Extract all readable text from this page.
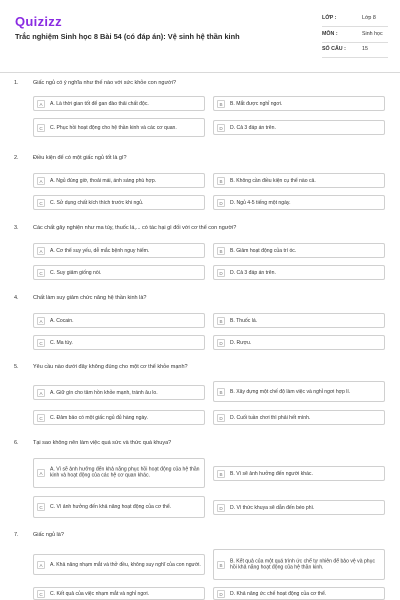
Quizizz
Trắc nghiệm Sinh học 8 Bài 54 (có đáp án): Vệ sinh hệ thần kinh
LỚP :	Lớp 8
MÔN :	Sinh học
SỐ CÂU :	15
1.	Giấc ngủ có ý nghĩa như thế nào với sức khỏe con người?
A	A. Là thời gian tốt để gan đào thải chất độc.	B	B. Mắt được nghỉ ngơi.
C	C. Phục hồi hoạt động cho hệ thần kinh và các cơ quan.	D	D. Cả 3 đáp án trên.
2.	Điều kiện để có một giấc ngủ tốt là gì?
A	A. Ngủ đúng giờ, thoải mái, ánh sáng phù hợp.	B	B. Không cần điều kiện cụ thể nào cả.
C	C. Sử dụng chất kích thích trước khi ngủ.	D	D. Ngủ 4-5 tiếng một ngày.
3.	Các chất gây nghiện như ma túy, thuốc lá,... có tác hại gì đối với cơ thể con người?
A	A. Cơ thể suy yếu, dễ mắc bệnh nguy hiểm.	B	B. Giảm hoạt động của trí óc.
C	C. Suy giảm giống nòi.	D	D. Cả 3 đáp án trên.
4.	Chất làm suy giảm chức năng hệ thần kinh là?
A	A. Cocain.	B	B. Thuốc lá.
C	C. Ma túy.	D	D. Rượu.
5.	Yêu cầu nào dưới đây không đúng cho một cơ thể khỏe mạnh?
A	A. Giữ gìn cho tâm hồn khỏe mạnh, tránh âu lo.	B	B. Xây dựng một chế độ làm việc và nghỉ ngơi hợp lí.
C	C. Đảm bảo có một giấc ngủ đủ hàng ngày.	D	D. Cuối tuần chơi thì phải hết mình.
6.	Tại sao không nên làm việc quá sức và thức quá khuya?
A
A. Vì sẽ ảnh hưởng đến khả năng phục hồi hoạt động của hệ thần kinh và hoạt động của các hệ cơ quan khác.	B	B. Vì sẽ ảnh hưởng đến người khác.
C	C. Vì ảnh hưởng đến khả năng hoạt động của cơ thể.	D	D. Vì thức khuya sẽ dẫn đến béo phì.
7.	Giấc ngủ là?
A	A. Khả năng nhạm mắt và thở đều, không suy nghĩ của con người.	B
B. Kết quả của một quá trình ức chế tự nhiên để bảo vệ và phục hồi khả năng hoạt động của hệ thần kinh.
C	C. Kết quả của việc nhạm mắt và nghỉ ngơi.	D	D. Khả năng ức chế hoạt động của cơ thể.
